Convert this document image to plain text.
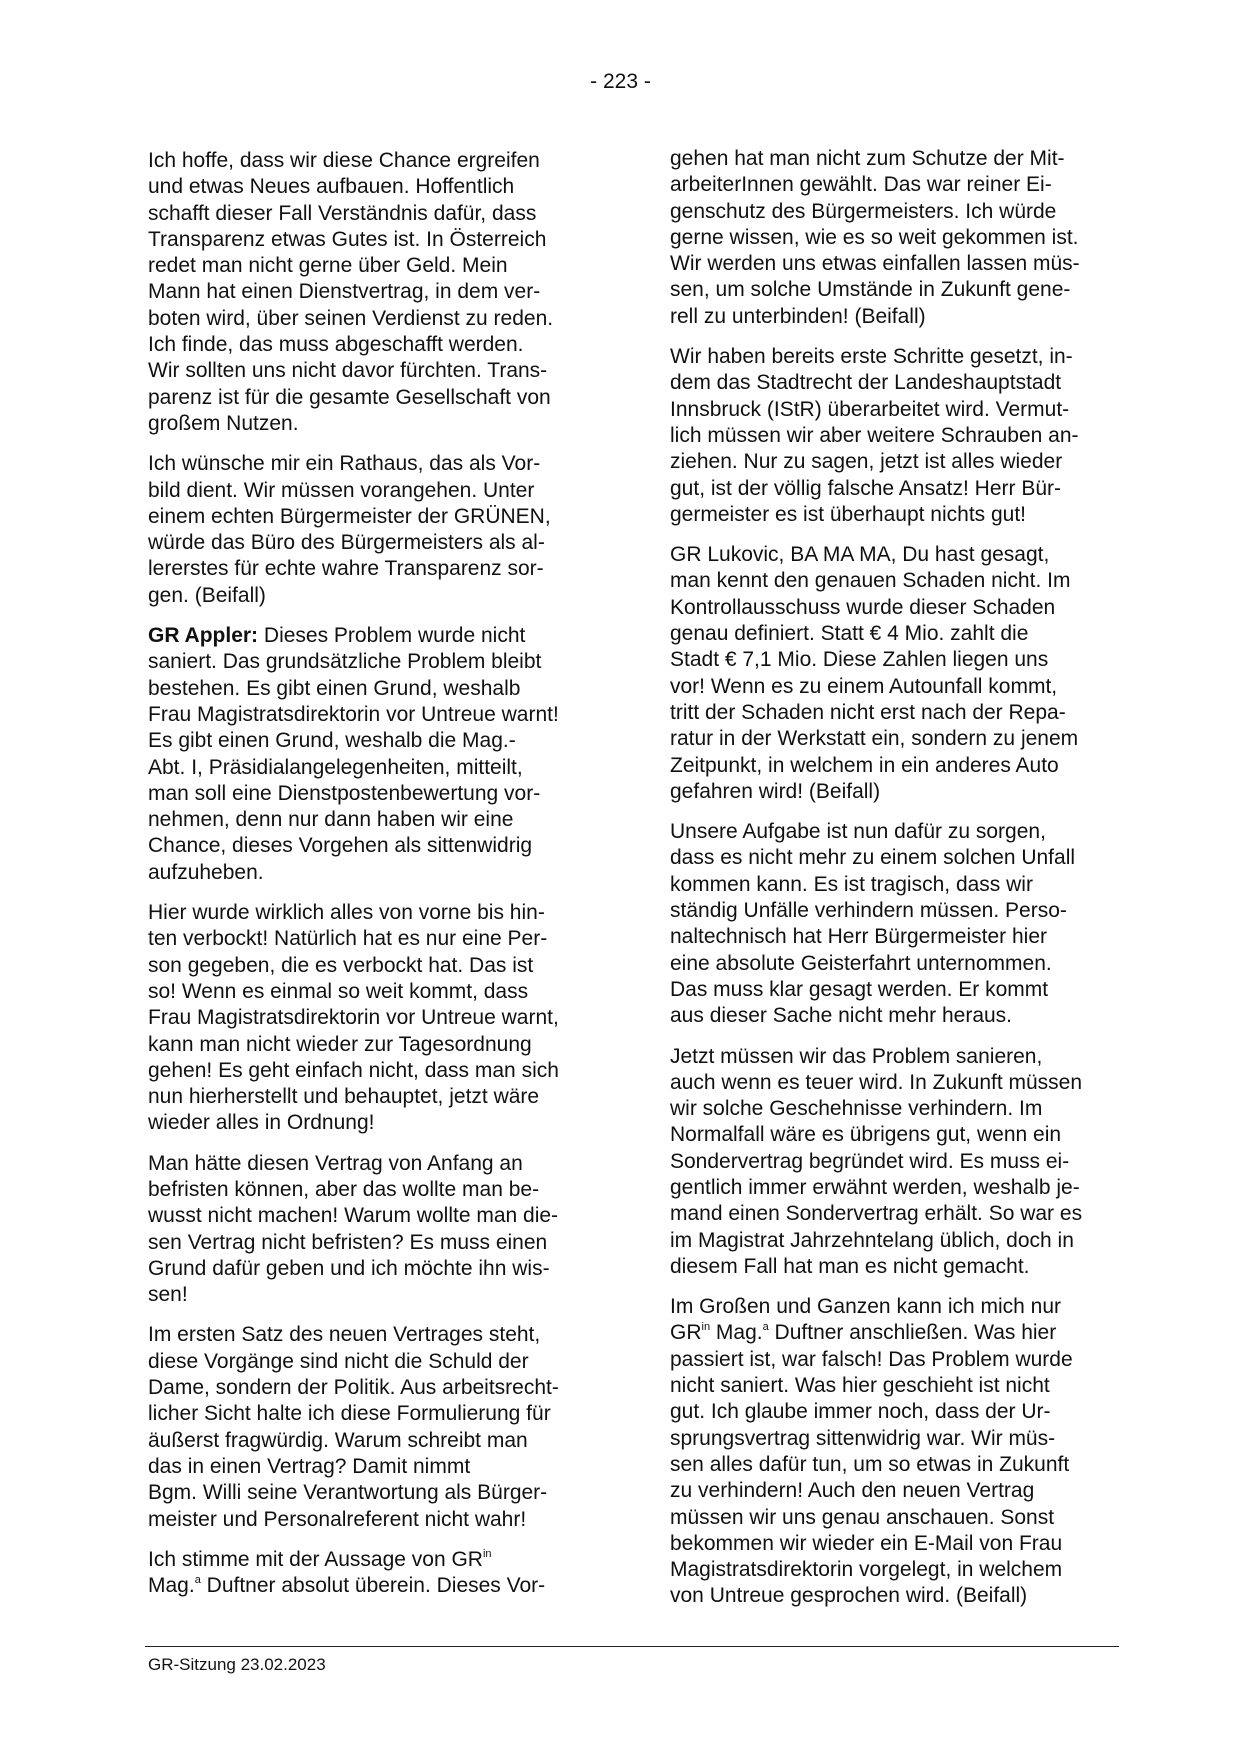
- 223 -

Ich hoffe, dass wir diese Chance ergreifen
und etwas Neues aufbauen. Hoffentlich
schafft dieser Fall Verständnis dafür, dass
Transparenz etwas Gutes ist. In Österreich
redet man nicht gerne über Geld. Mein
Mann hat einen Dienstvertrag, in dem ver-
boten wird, über seinen Verdienst zu reden.
Ich finde, das muss abgeschafft werden.
Wir sollten uns nicht davor fürchten. Trans-
parenz ist für die gesamte Gesellschaft von
großem Nutzen.

Ich wünsche mir ein Rathaus, das als Vor-
bild dient. Wir müssen vorangehen. Unter
einem echten Bürgermeister der GRÜNEN,
würde das Büro des Bürgermeisters als al-
lererstes für echte wahre Transparenz sor-
gen. (Beifall)

GR Appler: Dieses Problem wurde nicht
saniert. Das grundsätzliche Problem bleibt
bestehen. Es gibt einen Grund, weshalb
Frau Magistratsdirektorin vor Untreue warnt!
Es gibt einen Grund, weshalb die Mag.-
Abt. I, Präsidialangelegenheiten, mitteilt,
man soll eine Dienstpostenbewertung vor-
nehmen, denn nur dann haben wir eine
Chance, dieses Vorgehen als sittenwidrig
aufzuheben.

Hier wurde wirklich alles von vorne bis hin-
ten verbockt! Natürlich hat es nur eine Per-
son gegeben, die es verbockt hat. Das ist
so! Wenn es einmal so weit kommt, dass
Frau Magistratsdirektorin vor Untreue warnt,
kann man nicht wieder zur Tagesordnung
gehen! Es geht einfach nicht, dass man sich
nun hierherstellt und behauptet, jetzt wäre
wieder alles in Ordnung!

Man hätte diesen Vertrag von Anfang an
befristen können, aber das wollte man be-
wusst nicht machen! Warum wollte man die-
sen Vertrag nicht befristen? Es muss einen
Grund dafür geben und ich möchte ihn wis-
sen!

Im ersten Satz des neuen Vertrages steht,
diese Vorgänge sind nicht die Schuld der
Dame, sondern der Politik. Aus arbeitsrecht-
licher Sicht halte ich diese Formulierung für
äußerst fragwürdig. Warum schreibt man
das in einen Vertrag? Damit nimmt
Bgm. Willi seine Verantwortung als Bürger-
meister und Personalreferent nicht wahr!

Ich stimme mit der Aussage von $GR^{in}$
Mag.$^a$ Duftner absolut überein. Dieses Vor-

gehen hat man nicht zum Schutze der Mit-
arbeiterInnen gewählt. Das war reiner Ei-
genschutz des Bürgermeisters. Ich würde
gerne wissen, wie es so weit gekommen ist.
Wir werden uns etwas einfallen lassen müs-
sen, um solche Umstände in Zukunft gene-
rell zu unterbinden! (Beifall)

Wir haben bereits erste Schritte gesetzt, in-
dem das Stadtrecht der Landeshauptstadt
Innsbruck (IStR) überarbeitet wird. Vermut-
lich müssen wir aber weitere Schrauben an-
ziehen. Nur zu sagen, jetzt ist alles wieder
gut, ist der völlig falsche Ansatz! Herr Bür-
germeister es ist überhaupt nichts gut!

GR Lukovic, BA MA MA, Du hast gesagt,
man kennt den genauen Schaden nicht. Im
Kontrollausschuss wurde dieser Schaden
genau definiert. Statt € 4 Mio. zahlt die
Stadt € 7,1 Mio. Diese Zahlen liegen uns
vor! Wenn es zu einem Autounfall kommt,
tritt der Schaden nicht erst nach der Repa-
ratur in der Werkstatt ein, sondern zu jenem
Zeitpunkt, in welchem in ein anderes Auto
gefahren wird! (Beifall)

Unsere Aufgabe ist nun dafür zu sorgen,
dass es nicht mehr zu einem solchen Unfall
kommen kann. Es ist tragisch, dass wir
ständig Unfälle verhindern müssen. Perso-
naltechnisch hat Herr Bürgermeister hier
eine absolute Geisterfahrt unternommen.
Das muss klar gesagt werden. Er kommt
aus dieser Sache nicht mehr heraus.

Jetzt müssen wir das Problem sanieren,
auch wenn es teuer wird. In Zukunft müssen
wir solche Geschehnisse verhindern. Im
Normalfall wäre es übrigens gut, wenn ein
Sondervertrag begründet wird. Es muss ei-
gentlich immer erwähnt werden, weshalb je-
mand einen Sondervertrag erhält. So war es
im Magistrat Jahrzehntelang üblich, doch in
diesem Fall hat man es nicht gemacht.

Im Großen und Ganzen kann ich mich nur
$GR^{in}$ Mag.$^a$ Duftner anschließen. Was hier
passiert ist, war falsch! Das Problem wurde
nicht saniert. Was hier geschieht ist nicht
gut. Ich glaube immer noch, dass der Ur-
sprungsvertrag sittenwidrig war. Wir müs-
sen alles dafür tun, um so etwas in Zukunft
zu verhindern! Auch den neuen Vertrag
müssen wir uns genau anschauen. Sonst
bekommen wir wieder ein E-Mail von Frau
Magistratsdirektorin vorgelegt, in welchem
von Untreue gesprochen wird. (Beifall)

GR-Sitzung 23.02.2023
